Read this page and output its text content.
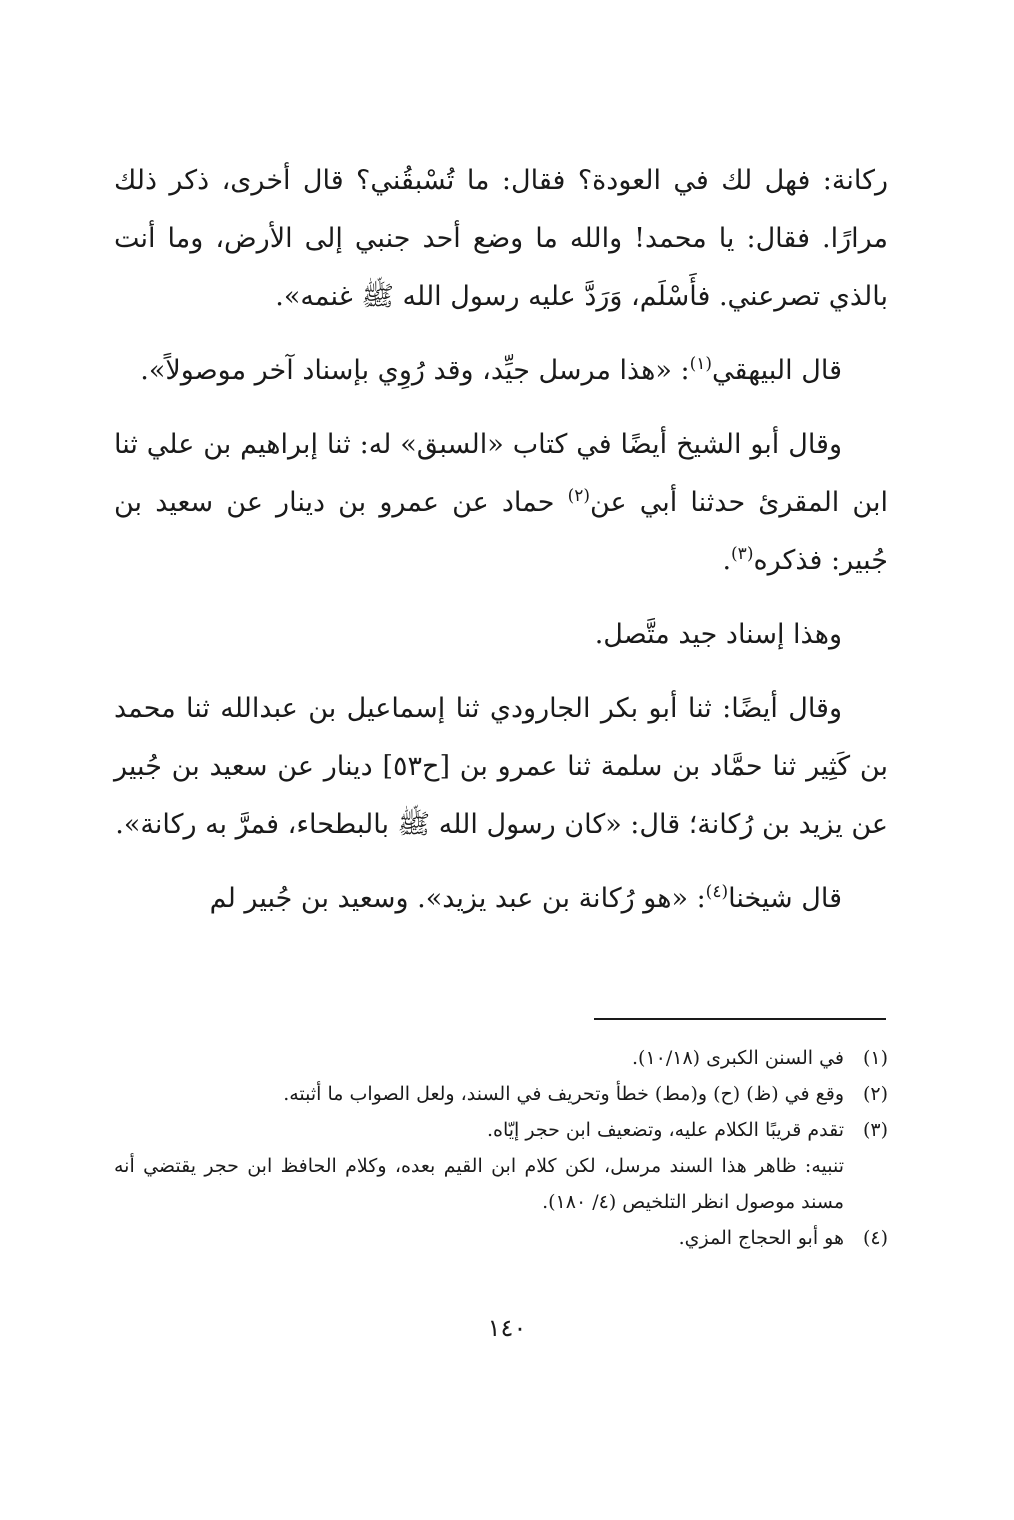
ركانة: فهل لك في العودة؟ فقال: ما تُسْبقُني؟ قال أخرى، ذكر ذلك مرارًا. فقال: يا محمد! والله ما وضع أحد جنبي إلى الأرض، وما أنت بالذي تصرعني. فأَسْلَم، وَرَدَّ عليه رسول الله ﷺ غنمه».

قال البيهقي$^{(١)}$: «هذا مرسل جيِّد، وقد رُوِي بإسناد آخر موصولاً».

وقال أبو الشيخ أيضًا في كتاب «السبق» له: ثنا إبراهيم بن علي ثنا ابن المقرئ حدثنا أبي عن$^{(٢)}$ حماد عن عمرو بن دينار عن سعيد بن جُبير: فذكره$^{(٣)}$.

وهذا إسناد جيد متَّصل.

وقال أيضًا: ثنا أبو بكر الجارودي ثنا إسماعيل بن عبدالله ثنا محمد بن كَثِير ثنا حمَّاد بن سلمة ثنا عمرو بن [ح٥٣] دينار عن سعيد بن جُبير عن يزيد بن رُكانة؛ قال: «كان رسول الله ﷺ بالبطحاء، فمرَّ به ركانة».

قال شيخنا$^{(٤)}$: «هو رُكانة بن عبد يزيد». وسعيد بن جُبير لم

(١)
في السنن الكبرى (١٠/١٨).
(٢)
وقع في (ظ) (ح) و(مط) خطأ وتحريف في السند، ولعل الصواب ما أثبته.
(٣)
تقدم قريبًا الكلام عليه، وتضعيف ابن حجر إيّاه.
تنبيه: ظاهر هذا السند مرسل، لكن كلام ابن القيم بعده، وكلام الحافظ ابن حجر يقتضي أنه مسند موصول انظر التلخيص (٤/ ١٨٠).
(٤)
هو أبو الحجاج المزي.
١٤٠
